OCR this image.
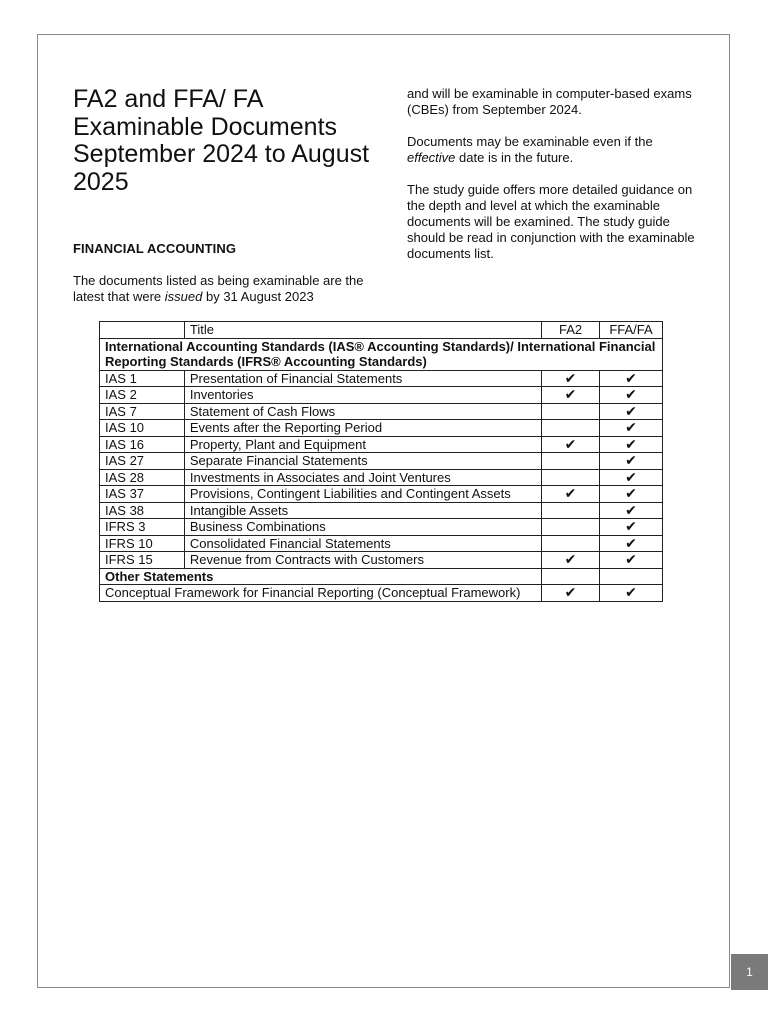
FA2 and FFA/ FA Examinable Documents September 2024 to August 2025
FINANCIAL ACCOUNTING

The documents listed as being examinable are the latest that were issued by 31 August 2023

and will be examinable in computer-based exams (CBEs) from September 2024.

Documents may be examinable even if the effective date is in the future.

The study guide offers more detailed guidance on the depth and level at which the examinable documents will be examined. The study guide should be read in conjunction with the examinable documents list.

	Title	FA2	FFA/FA
International Accounting Standards (IAS® Accounting Standards)/ International Financial Reporting Standards (IFRS® Accounting Standards)			
IAS 1	Presentation of Financial Statements	✔	✔
IAS 2	Inventories	✔	✔
IAS 7	Statement of Cash Flows		✔
IAS 10	Events after the Reporting Period		✔
IAS 16	Property, Plant and Equipment	✔	✔
IAS 27	Separate Financial Statements		✔
IAS 28	Investments in Associates and Joint Ventures		✔
IAS 37	Provisions, Contingent Liabilities and Contingent Assets	✔	✔
IAS 38	Intangible Assets		✔
IFRS 3	Business Combinations		✔
IFRS 10	Consolidated Financial Statements		✔
IFRS 15	Revenue from Contracts with Customers	✔	✔
Other Statements			
Conceptual Framework for Financial Reporting (Conceptual Framework)		✔	✔
1
